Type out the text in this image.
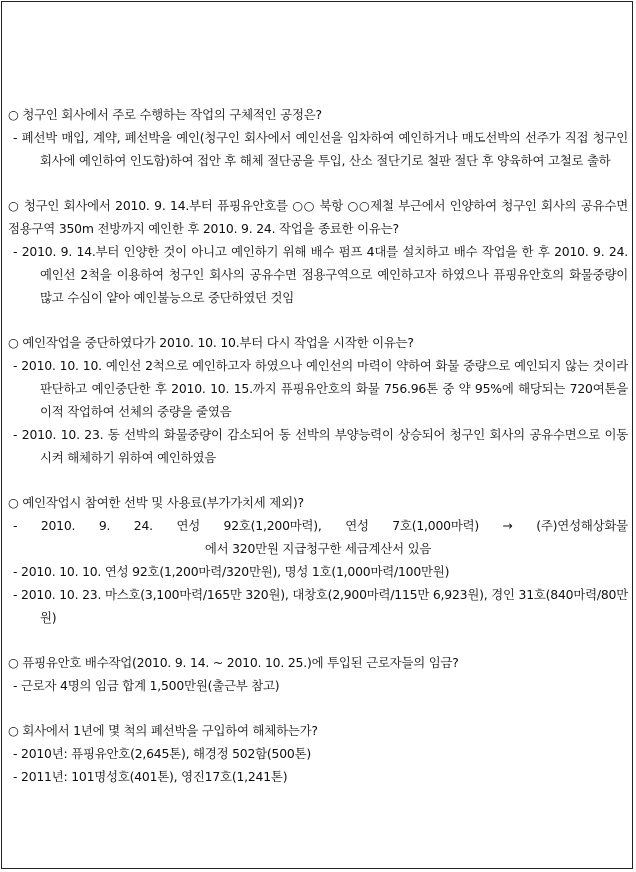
○ 청구인 회사에서 주로 수행하는 작업의 구체적인 공정은?

- 폐선박 매입, 계약, 폐선박을 예인(청구인 회사에서 예인선을 임차하여 예인하거나 매도선박의 선주가 직접 청구인 회사에 예인하여 인도함)하여 접안 후 해체 절단공을 투입, 산소 절단기로 철판 절단 후 양육하여 고철로 출하

○ 청구인 회사에서 2010. 9. 14.부터 퓨핑유안호를 ○○ 북항 ○○제철 부근에서 인양하여 청구인 회사의 공유수면 점용구역 350m 전방까지 예인한 후 2010. 9. 24. 작업을 종료한 이유는?

- 2010. 9. 14.부터 인양한 것이 아니고 예인하기 위해 배수 펌프 4대를 설치하고 배수 작업을 한 후 2010. 9. 24. 예인선 2척을 이용하여 청구인 회사의 공유수면 점용구역으로 예인하고자 하였으나 퓨핑유안호의 화물중량이 많고 수심이 얕아 예인불능으로 중단하였던 것임

○ 예인작업을 중단하였다가 2010. 10. 10.부터 다시 작업을 시작한 이유는?

- 2010. 10. 10. 예인선 2척으로 예인하고자 하였으나 예인선의 마력이 약하여 화물 중량으로 예인되지 않는 것이라 판단하고 예인중단한 후 2010. 10. 15.까지 퓨핑유안호의 화물 756.96톤 중 약 95%에 해당되는 720여톤을 이적 작업하여 선체의 중량을 줄였음

- 2010. 10. 23. 동 선박의 화물중량이 감소되어 동 선박의 부양능력이 상승되어 청구인 회사의 공유수면으로 이동시켜 해체하기 위하여 예인하였음

○ 예인작업시 참여한 선박 및 사용료(부가가치세 제외)?

- 2010. 9. 24. 연성 92호(1,200마력), 연성 7호(1,000마력) → (주)연성해상화물
에서 320만원 지급청구한 세금계산서 있음

- 2010. 10. 10. 연성 92호(1,200마력/320만원), 명성 1호(1,000마력/100만원)

- 2010. 10. 23. 마스호(3,100마력/165만 320원), 대창호(2,900마력/115만 6,923원), 경인 31호(840마력/80만원)

○ 퓨핑유안호 배수작업(2010. 9. 14. ~ 2010. 10. 25.)에 투입된 근로자들의 임금?

- 근로자 4명의 임금 합계 1,500만원(출근부 참고)

○ 회사에서 1년에 몇 척의 폐선박을 구입하여 해체하는가?

- 2010년: 퓨핑유안호(2,645톤), 해경정 502함(500톤)

- 2011년: 101명성호(401톤), 영진17호(1,241톤)
